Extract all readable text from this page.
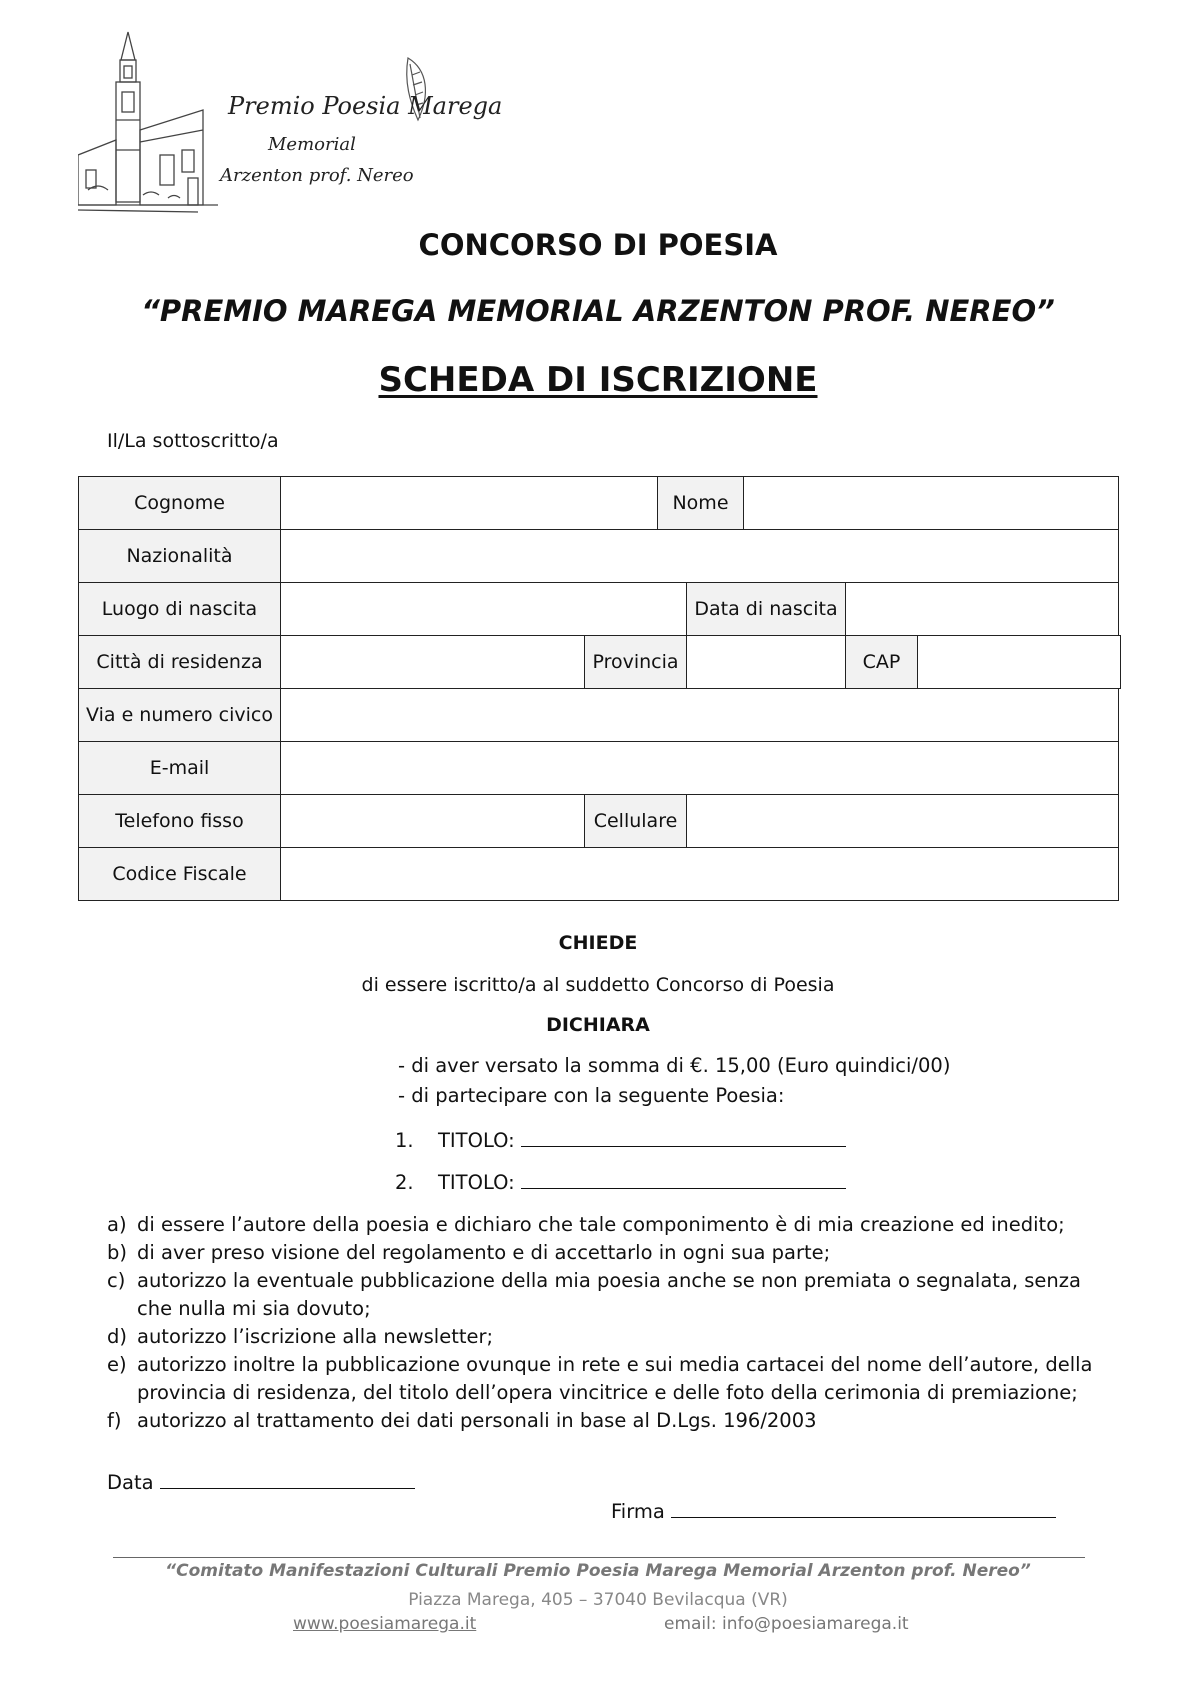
Premio Poesia Marega
Memorial
Arzenton prof. Nereo
CONCORSO DI POESIA
“PREMIO MAREGA MEMORIAL ARZENTON PROF. NEREO”
SCHEDA DI ISCRIZIONE
Il/La sottoscritto/a
Cognome	Nome
Nazionalità
Luogo di nascita	Data di nascita
Città di residenza	Provincia	CAP
Via e numero civico
E-mail
Telefono fisso	Cellulare
Codice Fiscale
CHIEDE
di essere iscritto/a al suddetto Concorso di Poesia
DICHIARA
- di aver versato la somma di €. 15,00 (Euro quindici/00)
- di partecipare con la seguente Poesia:
1. TITOLO:
2. TITOLO:
a) di essere l’autore della poesia e dichiaro che tale componimento è di mia creazione ed inedito;
b) di aver preso visione del regolamento e di accettarlo in ogni sua parte;
c) autorizzo la eventuale pubblicazione della mia poesia anche se non premiata o segnalata, senza che nulla mi sia dovuto;
d) autorizzo l’iscrizione alla newsletter;
e) autorizzo inoltre la pubblicazione ovunque in rete e sui media cartacei del nome dell’autore, della provincia di residenza, del titolo dell’opera vincitrice e delle foto della cerimonia di premiazione;
f) autorizzo al trattamento dei dati personali in base al D.Lgs. 196/2003
Data
Firma
“Comitato Manifestazioni Culturali Premio Poesia Marega Memorial Arzenton prof. Nereo”
Piazza Marega, 405 – 37040 Bevilacqua (VR)
www.poesiamarega.it	email: info@poesiamarega.it
